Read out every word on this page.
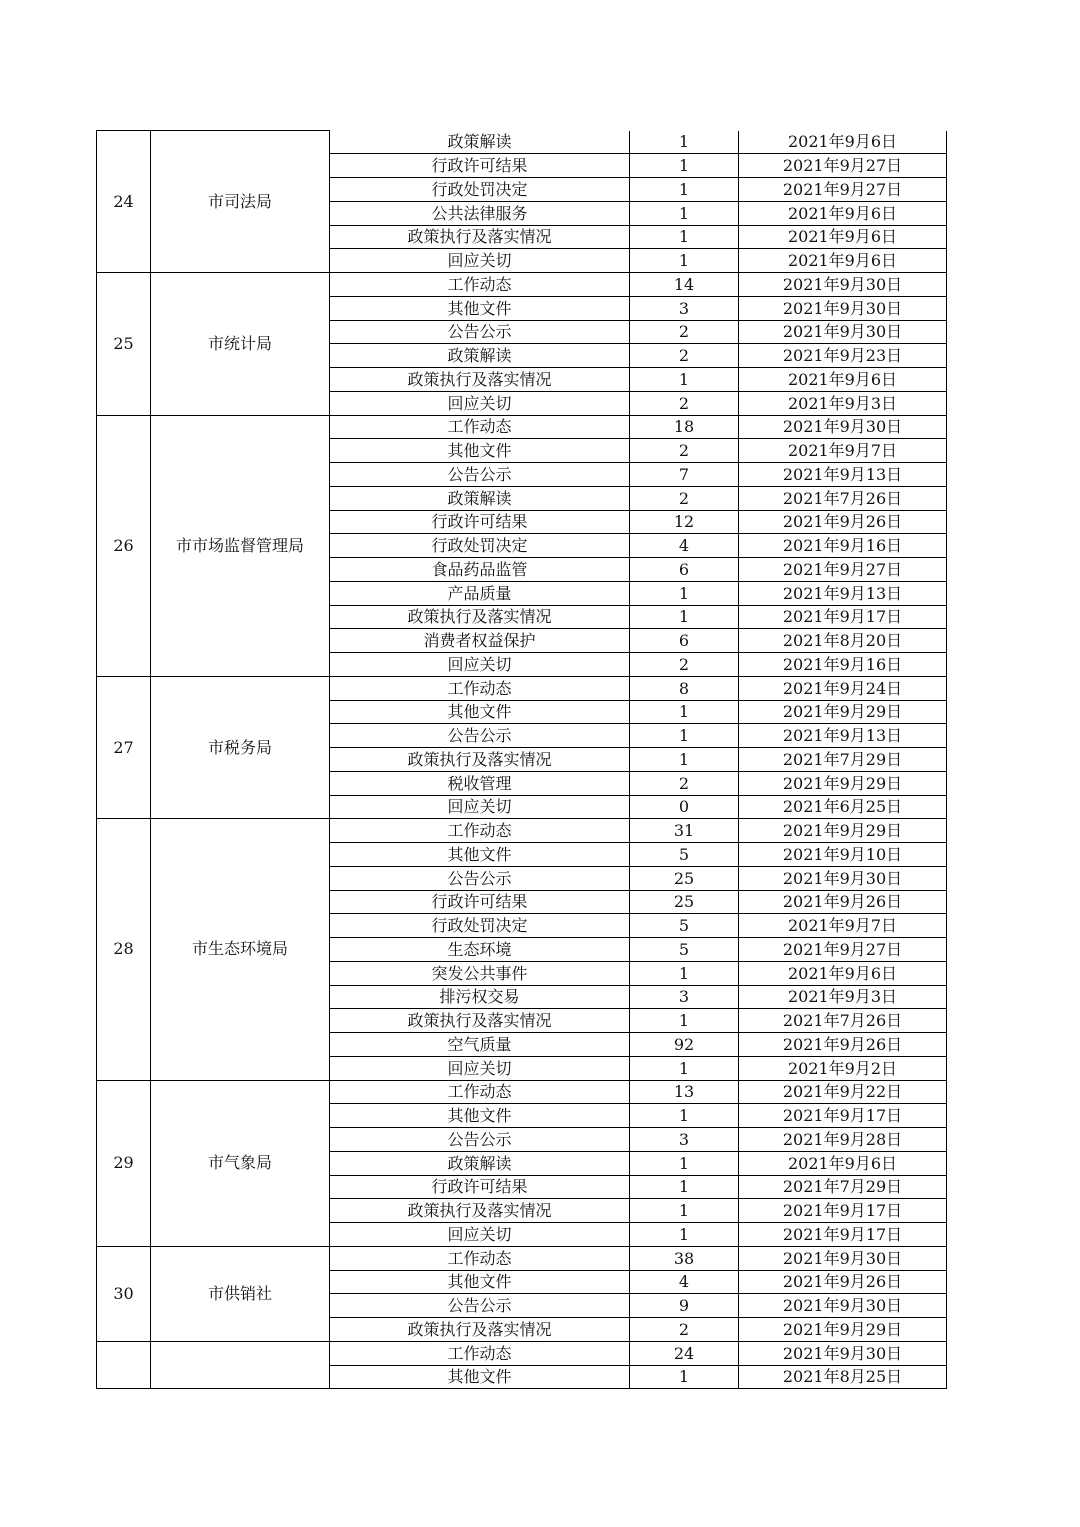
24	市司法局	政策解读	1	2021年9月6日
		行政许可结果	1	2021年9月27日
		行政处罚决定	1	2021年9月27日
		公共法律服务	1	2021年9月6日
		政策执行及落实情况	1	2021年9月6日
		回应关切	1	2021年9月6日
25	市统计局	工作动态	14	2021年9月30日
		其他文件	3	2021年9月30日
		公告公示	2	2021年9月30日
		政策解读	2	2021年9月23日
		政策执行及落实情况	1	2021年9月6日
		回应关切	2	2021年9月3日
26	市市场监督管理局	工作动态	18	2021年9月30日
		其他文件	2	2021年9月7日
		公告公示	7	2021年9月13日
		政策解读	2	2021年7月26日
		行政许可结果	12	2021年9月26日
		行政处罚决定	4	2021年9月16日
		食品药品监管	6	2021年9月27日
		产品质量	1	2021年9月13日
		政策执行及落实情况	1	2021年9月17日
		消费者权益保护	6	2021年8月20日
		回应关切	2	2021年9月16日
27	市税务局	工作动态	8	2021年9月24日
		其他文件	1	2021年9月29日
		公告公示	1	2021年9月13日
		政策执行及落实情况	1	2021年7月29日
		税收管理	2	2021年9月29日
		回应关切	0	2021年6月25日
28	市生态环境局	工作动态	31	2021年9月29日
		其他文件	5	2021年9月10日
		公告公示	25	2021年9月30日
		行政许可结果	25	2021年9月26日
		行政处罚决定	5	2021年9月7日
		生态环境	5	2021年9月27日
		突发公共事件	1	2021年9月6日
		排污权交易	3	2021年9月3日
		政策执行及落实情况	1	2021年7月26日
		空气质量	92	2021年9月26日
		回应关切	1	2021年9月2日
29	市气象局	工作动态	13	2021年9月22日
		其他文件	1	2021年9月17日
		公告公示	3	2021年9月28日
		政策解读	1	2021年9月6日
		行政许可结果	1	2021年7月29日
		政策执行及落实情况	1	2021年9月17日
		回应关切	1	2021年9月17日
30	市供销社	工作动态	38	2021年9月30日
		其他文件	4	2021年9月26日
		公告公示	9	2021年9月30日
		政策执行及落实情况	2	2021年9月29日
		工作动态	24	2021年9月30日
		其他文件	1	2021年8月25日
